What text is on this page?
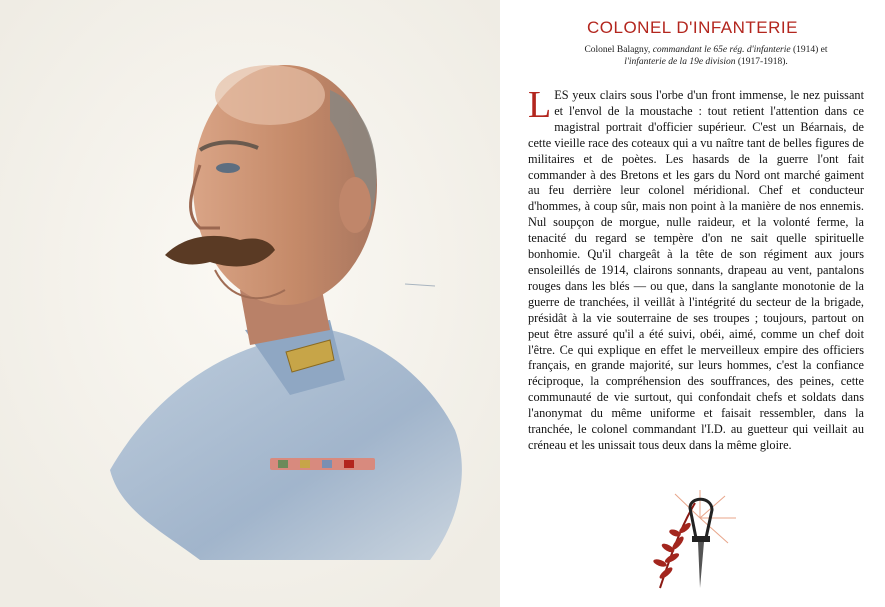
COLONEL D'INFANTERIE
Colonel Balagny, commandant le 65e rég. d'infanterie (1914) et
l'infanterie de la 19e division (1917-1918).
LES yeux clairs sous l'orbe d'un front immense, le nez puissant et l'envol de la moustache : tout retient l'attention dans ce magistral portrait d'officier supérieur. C'est un Béarnais, de cette vieille race des coteaux qui a vu naître tant de belles figures de militaires et de poètes. Les hasards de la guerre l'ont fait commander à des Bretons et les gars du Nord ont marché gaiment au feu derrière leur colonel méridional. Chef et conducteur d'hommes, à coup sûr, mais non point à la manière de nos ennemis. Nul soupçon de morgue, nulle raideur, et la volonté ferme, la tenacité du regard se tempère d'on ne sait quelle spirituelle bonhomie. Qu'il chargeât à la tête de son régiment aux jours ensoleillés de 1914, clairons sonnants, drapeau au vent, pantalons rouges dans les blés — ou que, dans la sanglante monotonie de la guerre de tranchées, il veillât à l'intégrité du secteur de la brigade, présidât à la vie souterraine de ses troupes ; toujours, partout on peut être assuré qu'il a été suivi, obéi, aimé, comme un chef doit l'être. Ce qui explique en effet le merveilleux empire des officiers français, en grande majorité, sur leurs hommes, c'est la confiance réciproque, la compréhension des souffrances, des peines, cette communauté de vie surtout, qui confondait chefs et soldats dans l'anonymat du même uniforme et faisait ressembler, dans la tranchée, le colonel commandant l'I.D. au guetteur qui veillait au créneau et les unissait tous deux dans la même gloire.
